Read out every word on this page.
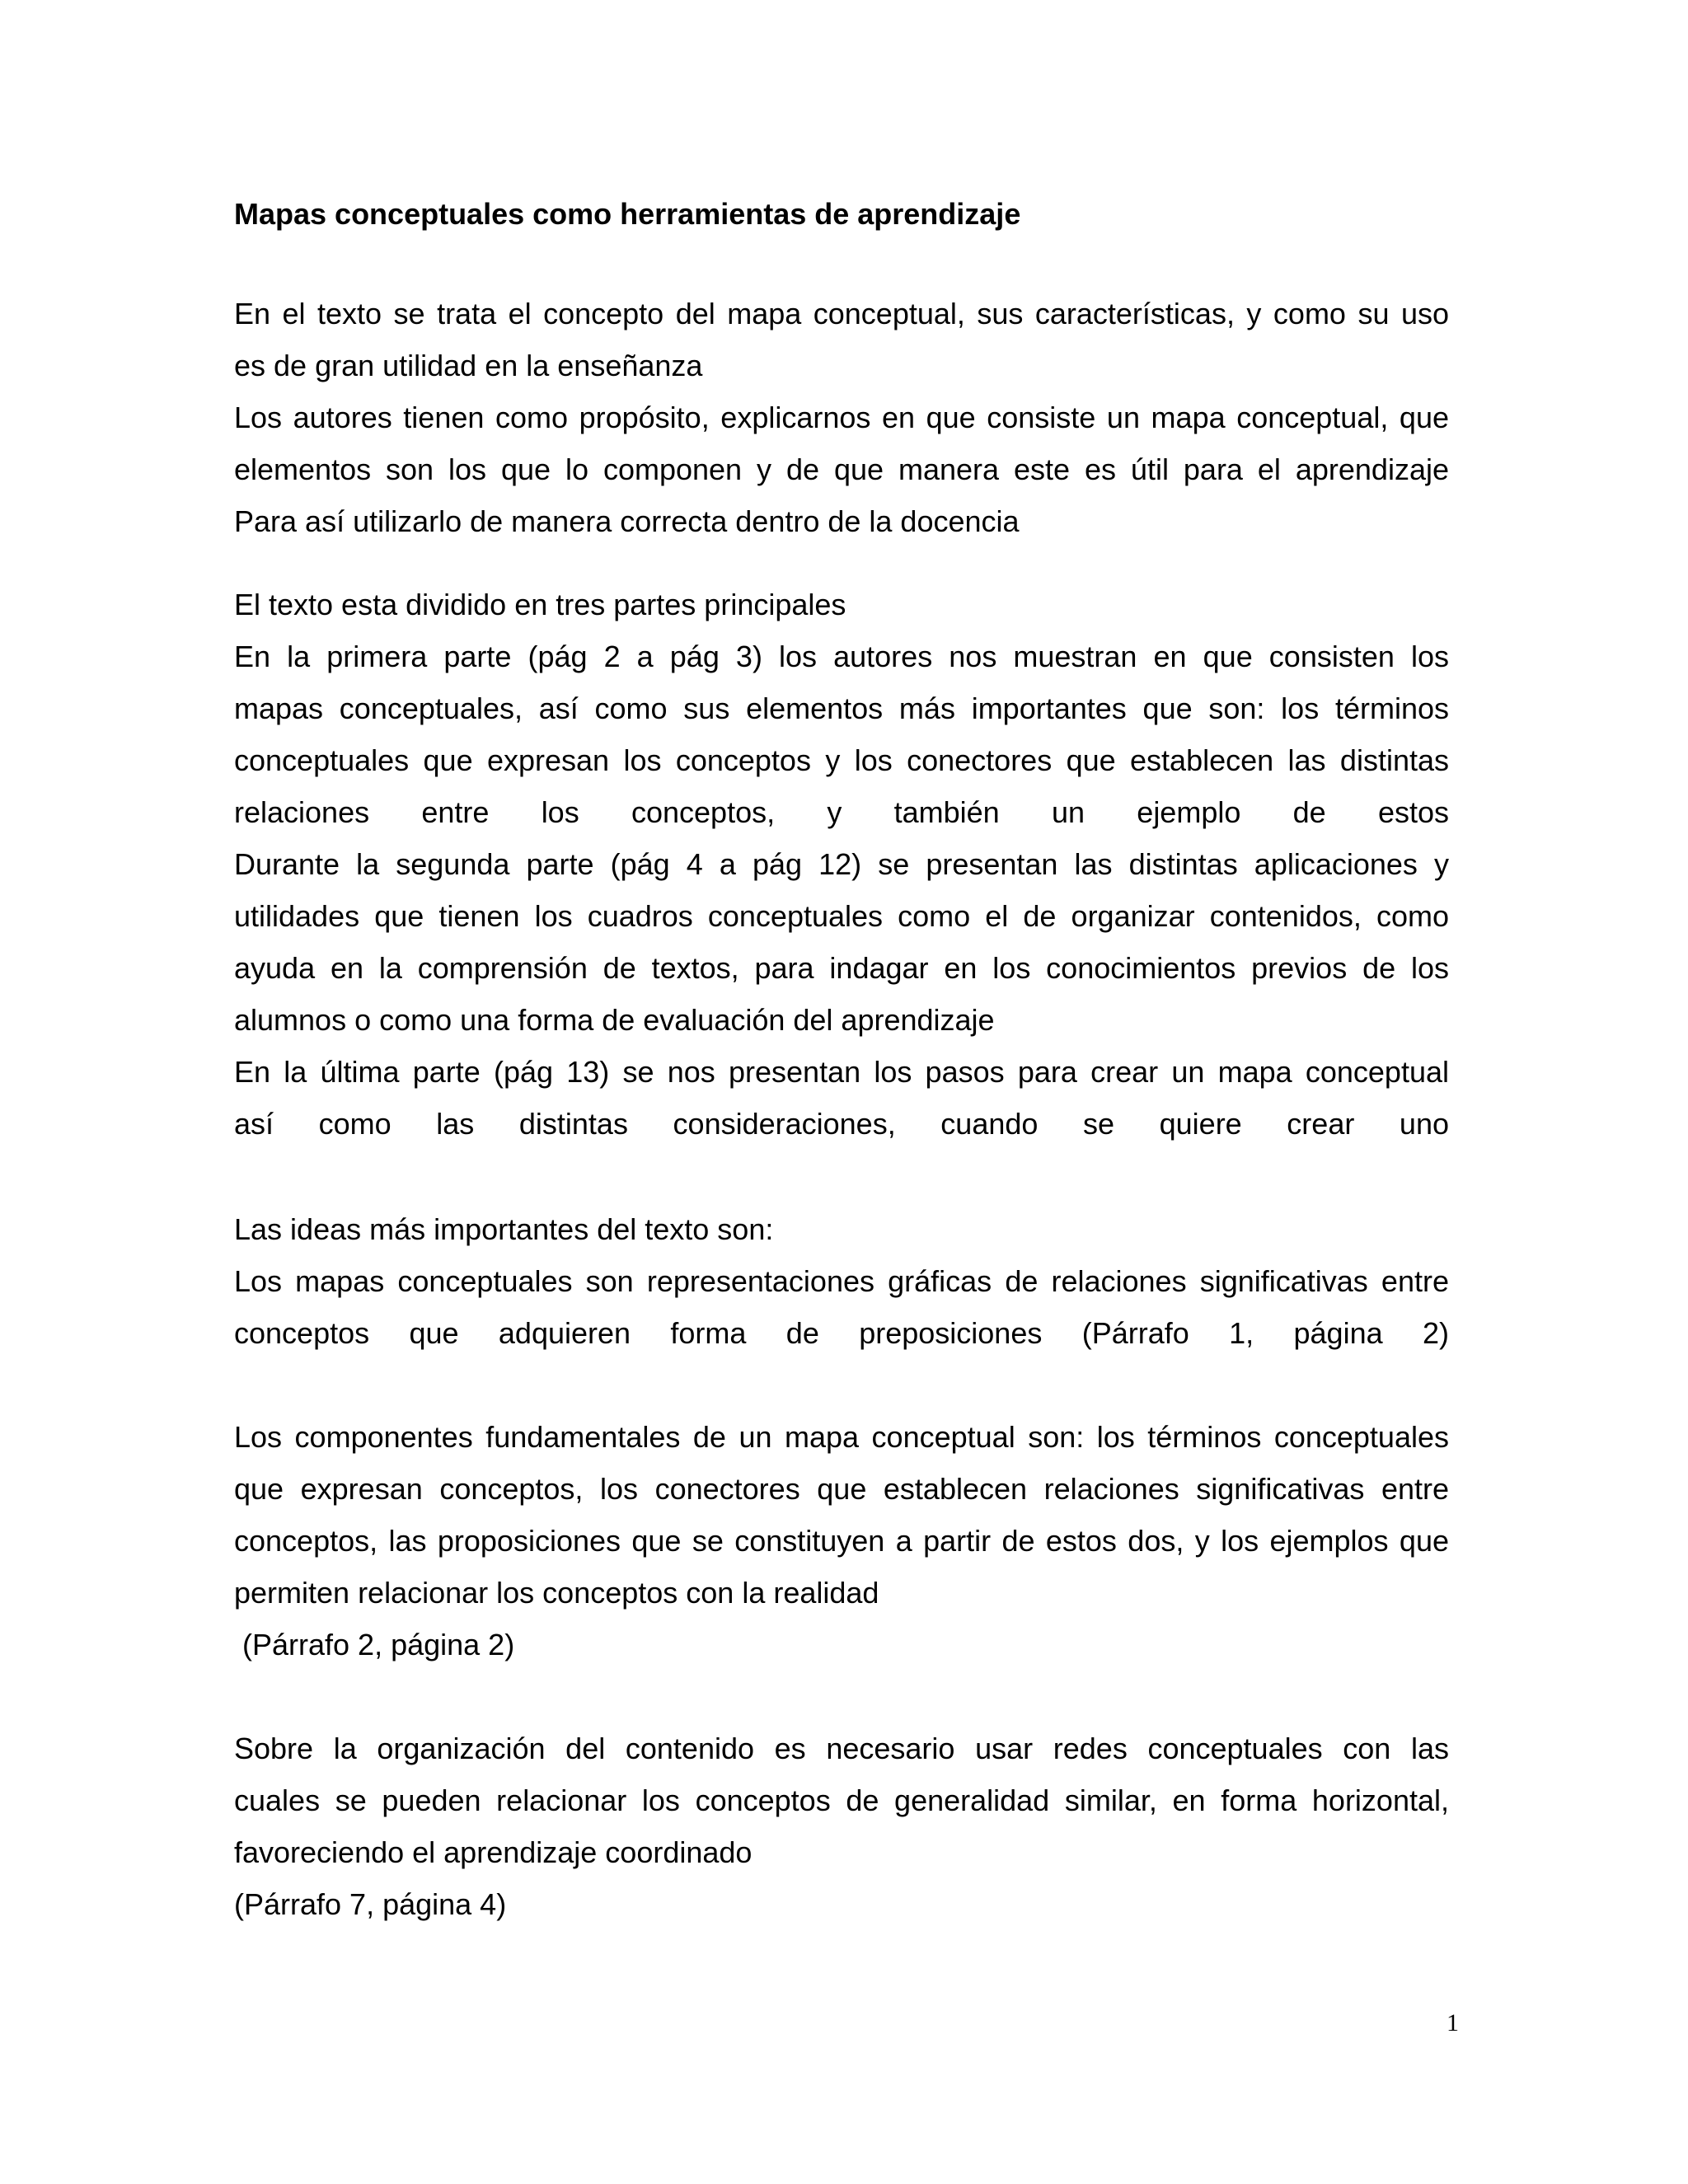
Mapas conceptuales como herramientas de aprendizaje
En el texto se trata el concepto del mapa conceptual, sus características, y como su uso
es de gran utilidad en la enseñanza
Los autores tienen como propósito, explicarnos en que consiste un mapa conceptual, que
elementos son los que lo componen y de que manera este es útil para el aprendizaje
Para así utilizarlo de manera correcta dentro de la docencia
El texto esta dividido en tres partes principales
En la primera parte (pág 2 a pág 3) los autores nos muestran en que consisten los
mapas conceptuales, así como sus elementos más importantes que son: los términos
conceptuales que expresan los conceptos y los conectores que establecen las distintas
relaciones entre los conceptos, y también un ejemplo de estos
Durante la segunda parte (pág 4 a pág 12) se presentan las distintas aplicaciones y
utilidades que tienen los cuadros conceptuales como el de organizar contenidos, como
ayuda en la comprensión de textos, para indagar en los conocimientos previos de los
alumnos o como una forma de evaluación del aprendizaje
En la última parte (pág 13) se nos presentan los pasos para crear un mapa conceptual
así como las distintas consideraciones, cuando se quiere crear uno
Las ideas más importantes del texto son:
Los mapas conceptuales son representaciones gráficas de relaciones significativas entre
conceptos que adquieren forma de preposiciones (Párrafo 1, página 2)
Los componentes fundamentales de un mapa conceptual son: los términos conceptuales
que expresan conceptos, los conectores que establecen relaciones significativas entre
conceptos, las proposiciones que se constituyen a partir de estos dos, y los ejemplos que
permiten relacionar los conceptos con la realidad
(Párrafo 2, página 2)
Sobre la organización del contenido es necesario usar redes conceptuales con las
cuales se pueden relacionar los conceptos de generalidad similar, en forma horizontal,
favoreciendo el aprendizaje coordinado
(Párrafo 7, página 4)
1
